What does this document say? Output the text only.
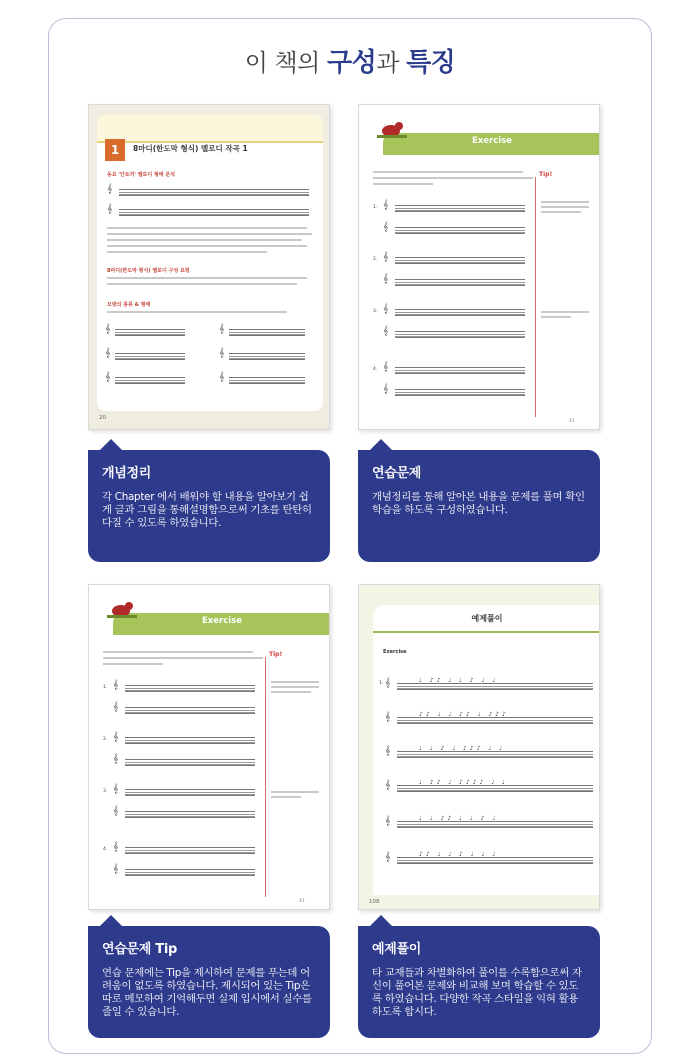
이 책의 구성과 특징
1	8마디(한도막 형식) 멜로디 작곡 1
동요 '안토끼' 멜로디 형태 분석
𝄞
𝄞
8마디(한도막 형식) 멜로디 구성 요령
모방의 종류 & 형태
𝄞	𝄞
𝄞	𝄞
𝄞	𝄞
20
Exercise
Tip!
1. 𝄞
𝄞
2. 𝄞
𝄞
3. 𝄞
𝄞
4. 𝄞
𝄞
41
개념정리
각 Chapter 에서 배워야 할 내용을 알아보기 쉽게 글과 그림을 통해설명함으로써 기초를 탄탄히 다질 수 있도록 하였습니다.
연습문제
개념정리를 통해 알아본 내용을 문제를 풀며 확인 학습을 하도록 구성하였습니다.
Exercise
Tip!
1. 𝄞
𝄞
2. 𝄞
𝄞
3. 𝄞
𝄞
4. 𝄞
𝄞
41
예제풀이
Exercise
1. 𝄞	♩ ♪♪ ♩ ♩ ♪ ♩ ♩
𝄞	♪♪ ♩ ♩ ♪♪ ♩ ♪♪♪
𝄞	♩ ♩ ♪ ♩ ♪♪♪ ♩ ♩
𝄞	♩ ♪♪ ♩ ♪♪♪♪ ♩ ♩
𝄞	♩ ♩ ♪♪ ♩ ♩ ♪ ♩
𝄞	♪♪ ♩ ♩ ♪ ♩ ♩ ♩
108
연습문제 Tip
연습 문제에는 Tip을 제시하여 문제를 푸는데 어려움이 없도록 하였습니다. 제시되어 있는 Tip은 따로 메모하여 기억해두면 실제 입시에서 실수를 줄일 수 있습니다.
예제풀이
타 교재들과 차별화하여 풀이를 수록함으로써 자신이 풀어본 문제와 비교해 보며 학습할 수 있도록 하였습니다. 다양한 작곡 스타일을 익혀 활용하도록 합시다.
